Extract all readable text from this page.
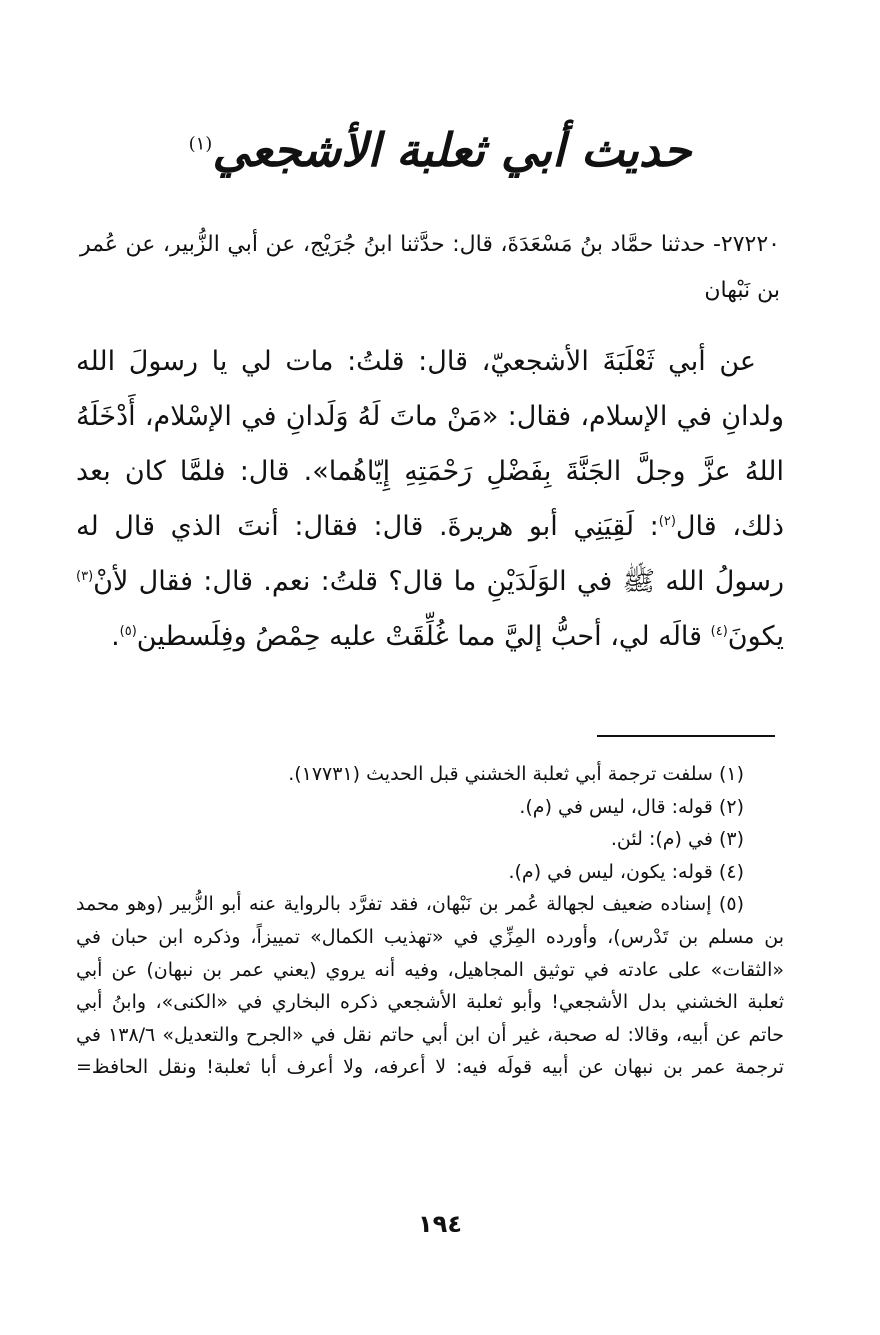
حديث أبي ثعلبة الأشجعي$^{(١)}$
٢٧٢٢٠- حدثنا حمَّاد بنُ مَسْعَدَةَ، قال: حدَّثنا ابنُ جُرَيْج، عن أبي الزُّبير، عن عُمر بن نَبْهان
عن أبي ثَعْلَبَةَ الأشجعيّ، قال: قلتُ: مات لي يا رسولَ الله ولدانِ في الإسلام، فقال: «مَنْ ماتَ لَهُ وَلَدانِ في الإسْلام، أَدْخَلَهُ اللهُ عزَّ وجلَّ الجَنَّةَ بِفَضْلِ رَحْمَتِهِ إِيّاهُما». قال: فلمَّا كان بعد ذلك، قال$^{(٢)}$: لَقِيَنِي أبو هريرةَ. قال: فقال: أنتَ الذي قال له رسولُ الله ﷺ في الوَلَدَيْنِ ما قال؟ قلتُ: نعم. قال: فقال لأنْ$^{(٣)}$ يكونَ$^{(٤)}$ قالَه لي، أحبُّ إليَّ مما غُلِّقَتْ عليه حِمْصُ وفِلَسطين$^{(٥)}$.

(١) سلفت ترجمة أبي ثعلبة الخشني قبل الحديث (١٧٧٣١).

(٢) قوله: قال، ليس في (م).

(٣) في (م): لئن.

(٤) قوله: يكون، ليس في (م).

(٥) إسناده ضعيف لجهالة عُمر بن نَبْهان، فقد تفرَّد بالرواية عنه أبو الزُّبير (وهو محمد بن مسلم بن تَدْرس)، وأورده المِزِّي في «تهذيب الكمال» تمييزاً، وذكره ابن حبان في «الثقات» على عادته في توثيق المجاهيل، وفيه أنه يروي (يعني عمر بن نبهان) عن أبي ثعلبة الخشني بدل الأشجعي! وأبو ثعلبة الأشجعي ذكره البخاري في «الكنى»، وابنُ أبي حاتم عن أبيه، وقالا: له صحبة، غير أن ابن أبي حاتم نقل في «الجرح والتعديل» ١٣٨/٦ في ترجمة عمر بن نبهان عن أبيه قولَه فيه: لا أعرفه، ولا أعرف أبا ثعلبة! ونقل الحافظ=

١٩٤
